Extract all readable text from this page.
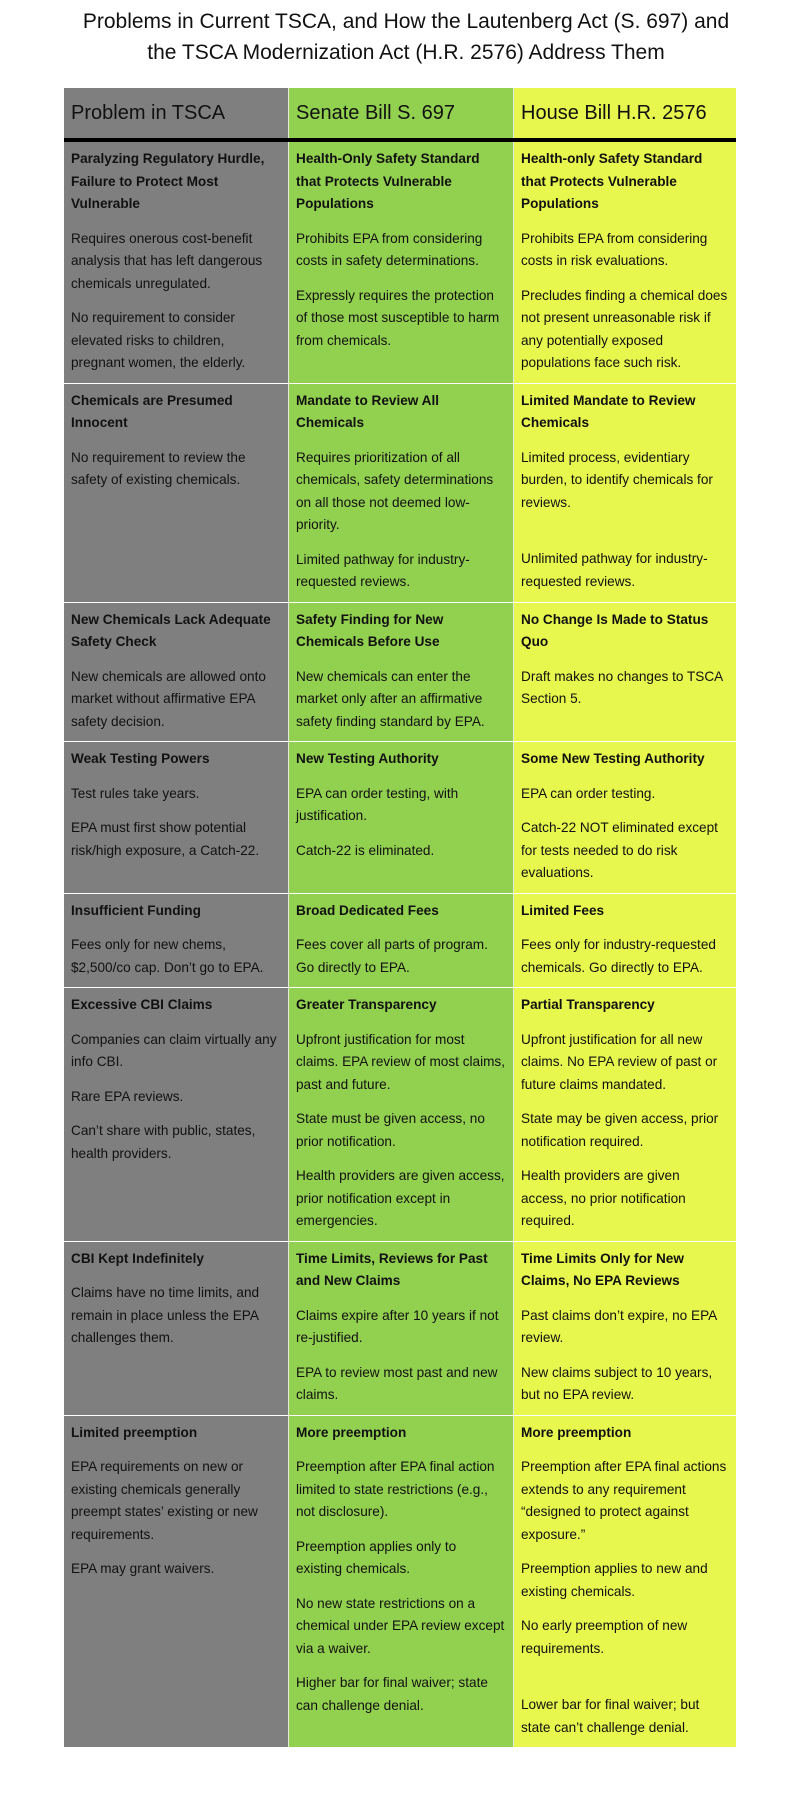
Problems in Current TSCA, and How the Lautenberg Act (S. 697) and
the TSCA Modernization Act (H.R. 2576) Address Them
Problem in TSCA	Senate Bill S. 697	House Bill H.R. 2576
Paralyzing Regulatory Hurdle, Failure to Protect Most Vulnerable
Requires onerous cost-benefit analysis that has left dangerous chemicals unregulated.
No requirement to consider elevated risks to children, pregnant women, the elderly.
Health-Only Safety Standard that Protects Vulnerable Populations
Prohibits EPA from considering costs in safety determinations.
Expressly requires the protection of those most susceptible to harm from chemicals.
Health-only Safety Standard that Protects Vulnerable Populations
Prohibits EPA from considering costs in risk evaluations.
Precludes finding a chemical does not present unreasonable risk if any potentially exposed populations face such risk.
Chemicals are Presumed Innocent
No requirement to review the safety of existing chemicals.
Mandate to Review All Chemicals
Requires prioritization of all chemicals, safety determinations on all those not deemed low-priority.
Limited pathway for industry-requested reviews.
Limited Mandate to Review Chemicals
Limited process, evidentiary burden, to identify chemicals for reviews.
Unlimited pathway for industry-requested reviews.
New Chemicals Lack Adequate Safety Check
New chemicals are allowed onto market without affirmative EPA safety decision.
Safety Finding for New Chemicals Before Use
New chemicals can enter the market only after an affirmative safety finding standard by EPA.
No Change Is Made to Status Quo
Draft makes no changes to TSCA Section 5.
Weak Testing Powers
Test rules take years.
EPA must first show potential risk/high exposure, a Catch-22.
New Testing Authority
EPA can order testing, with justification.
Catch-22 is eliminated.
Some New Testing Authority
EPA can order testing.
Catch-22 NOT eliminated except for tests needed to do risk evaluations.
Insufficient Funding
Fees only for new chems, $2,500/co cap. Don’t go to EPA.
Broad Dedicated Fees
Fees cover all parts of program. Go directly to EPA.
Limited Fees
Fees only for industry-requested chemicals. Go directly to EPA.
Excessive CBI Claims
Companies can claim virtually any info CBI.
Rare EPA reviews.
Can’t share with public, states, health providers.
Greater Transparency
Upfront justification for most claims. EPA review of most claims, past and future.
State must be given access, no prior notification.
Health providers are given access, prior notification except in emergencies.
Partial Transparency
Upfront justification for all new claims. No EPA review of past or future claims mandated.
State may be given access, prior notification required.
Health providers are given access, no prior notification required.
CBI Kept Indefinitely
Claims have no time limits, and remain in place unless the EPA challenges them.
Time Limits, Reviews for Past and New Claims
Claims expire after 10 years if not re-justified.
EPA to review most past and new claims.
Time Limits Only for New Claims, No EPA Reviews
Past claims don’t expire, no EPA review.
New claims subject to 10 years, but no EPA review.
Limited preemption
EPA requirements on new or existing chemicals generally preempt states’ existing or new requirements.
EPA may grant waivers.
More preemption
Preemption after EPA final action limited to state restrictions (e.g., not disclosure).
Preemption applies only to existing chemicals.
No new state restrictions on a chemical under EPA review except via a waiver.
Higher bar for final waiver; state can challenge denial.
More preemption
Preemption after EPA final actions extends to any requirement “designed to protect against exposure.”
Preemption applies to new and existing chemicals.
No early preemption of new requirements.
Lower bar for final waiver; but state can’t challenge denial.
